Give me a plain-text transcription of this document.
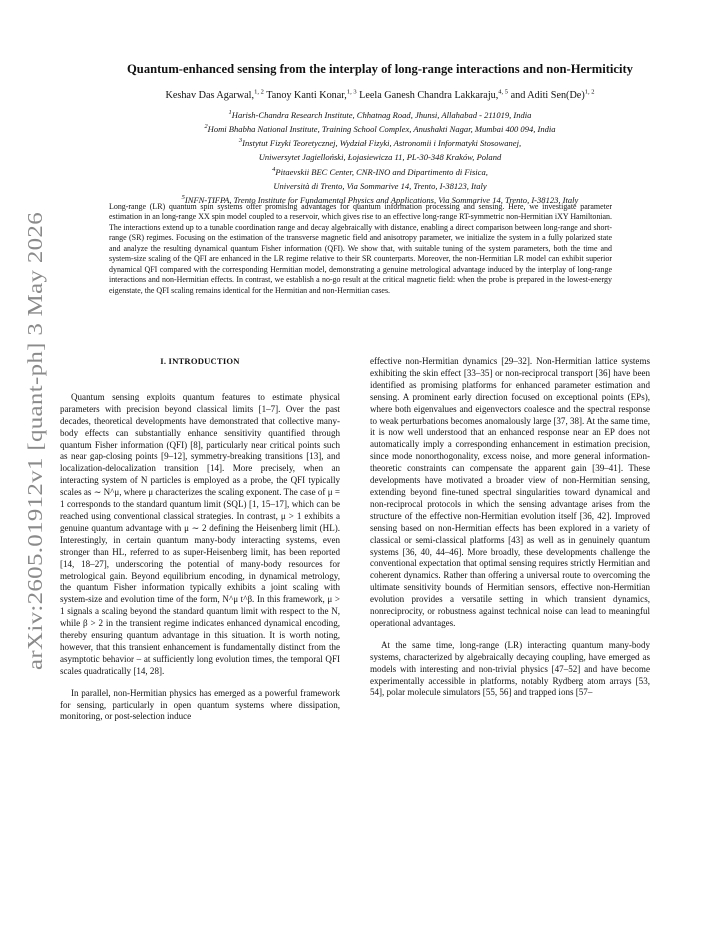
arXiv:2605.01912v1 [quant-ph] 3 May 2026
Quantum-enhanced sensing from the interplay of long-range interactions and non-Hermiticity
Keshav Das Agarwal,$^{1, 2}$ Tanoy Kanti Konar,$^{1, 3}$ Leela Ganesh Chandra Lakkaraju,$^{4, 5}$ and Aditi $Sen(De)^{1, 2}$
$^1$Harish-Chandra Research Institute, Chhatnag Road, Jhunsi, Allahabad - 211019, India
$^2$Homi Bhabha National Institute, Training School Complex, Anushakti Nagar, Mumbai 400 094, India
$^3$Instytut Fizyki Teoretycznej, Wydział Fizyki, Astronomii i Informatyki Stosowanej,
Uniwersytet Jagielloński, Łojasiewicza 11, PL-30-348 Kraków, Poland
$^4$Pitaevskii BEC Center, CNR-INO and Dipartimento di Fisica,
Università di Trento, Via Sommarive 14, Trento, I-38123, Italy
$^5$INFN-TIFPA, Trento Institute for Fundamental Physics and Applications, Via Sommarive 14, Trento, I-38123, Italy
Long-range (LR) quantum spin systems offer promising advantages for quantum information processing and sensing. Here, we investigate parameter estimation in an long-range XX spin model coupled to a reservoir, which gives rise to an effective long-range RT-symmetric non-Hermitian iXY Hamiltonian. The interactions extend up to a tunable coordination range and decay algebraically with distance, enabling a direct comparison between long-range and short-range (SR) regimes. Focusing on the estimation of the transverse magnetic field and anisotropy parameter, we initialize the system in a fully polarized state and analyze the resulting dynamical quantum Fisher information (QFI). We show that, with suitable tuning of the system parameters, both the time and system-size scaling of the QFI are enhanced in the LR regime relative to their SR counterparts. Moreover, the non-Hermitian LR model can exhibit superior dynamical QFI compared with the corresponding Hermitian model, demonstrating a genuine metrological advantage induced by the interplay of long-range interactions and non-Hermitian effects. In contrast, we establish a no-go result at the critical magnetic field: when the probe is prepared in the lowest-energy eigenstate, the QFI scaling remains identical for the Hermitian and non-Hermitian cases.
I. INTRODUCTION

Quantum sensing exploits quantum features to estimate physical parameters with precision beyond classical limits [1–7]. Over the past decades, theoretical developments have demonstrated that collective many-body effects can substantially enhance sensitivity quantified through quantum Fisher information (QFI) [8], particularly near critical points such as near gap-closing points [9–12], symmetry-breaking transitions [13], and localization-delocalization transition [14]. More precisely, when an interacting system of N particles is employed as a probe, the QFI typically scales as ∼ N^μ, where μ characterizes the scaling exponent. The case of μ = 1 corresponds to the standard quantum limit (SQL) [1, 15–17], which can be reached using conventional classical strategies. In contrast, μ > 1 exhibits a genuine quantum advantage with μ ∼ 2 defining the Heisenberg limit (HL). Interestingly, in certain quantum many-body interacting systems, even stronger than HL, referred to as super-Heisenberg limit, has been reported [14, 18–27], underscoring the potential of many-body resources for metrological gain. Beyond equilibrium encoding, in dynamical metrology, the quantum Fisher information typically exhibits a joint scaling with system-size and evolution time of the form, N^μ t^β. In this framework, μ > 1 signals a scaling beyond the standard quantum limit with respect to the N, while β > 2 in the transient regime indicates enhanced dynamical encoding, thereby ensuring quantum advantage in this situation. It is worth noting, however, that this transient enhancement is fundamentally distinct from the asymptotic behavior – at sufficiently long evolution times, the temporal QFI scales quadratically [14, 28].

In parallel, non-Hermitian physics has emerged as a powerful framework for sensing, particularly in open quantum systems where dissipation, monitoring, or post-selection induce

effective non-Hermitian dynamics [29–32]. Non-Hermitian lattice systems exhibiting the skin effect [33–35] or non-reciprocal transport [36] have been identified as promising platforms for enhanced parameter estimation and sensing. A prominent early direction focused on exceptional points (EPs), where both eigenvalues and eigenvectors coalesce and the spectral response to weak perturbations becomes anomalously large [37, 38]. At the same time, it is now well understood that an enhanced response near an EP does not automatically imply a corresponding enhancement in estimation precision, since mode nonorthogonality, excess noise, and more general information-theoretic constraints can compensate the apparent gain [39–41]. These developments have motivated a broader view of non-Hermitian sensing, extending beyond fine-tuned spectral singularities toward dynamical and non-reciprocal protocols in which the sensing advantage arises from the structure of the effective non-Hermitian evolution itself [36, 42]. Improved sensing based on non-Hermitian effects has been explored in a variety of classical or semi-classical platforms [43] as well as in genuinely quantum systems [36, 40, 44–46]. More broadly, these developments challenge the conventional expectation that optimal sensing requires strictly Hermitian and coherent dynamics. Rather than offering a universal route to overcoming the ultimate sensitivity bounds of Hermitian sensors, effective non-Hermitian evolution provides a versatile setting in which transient dynamics, nonreciprocity, or robustness against technical noise can lead to meaningful operational advantages.

At the same time, long-range (LR) interacting quantum many-body systems, characterized by algebraically decaying coupling, have emerged as models with interesting and non-trivial physics [47–52] and have become experimentally accessible in platforms, notably Rydberg atom arrays [53, 54], polar molecule simulators [55, 56] and trapped ions [57–
